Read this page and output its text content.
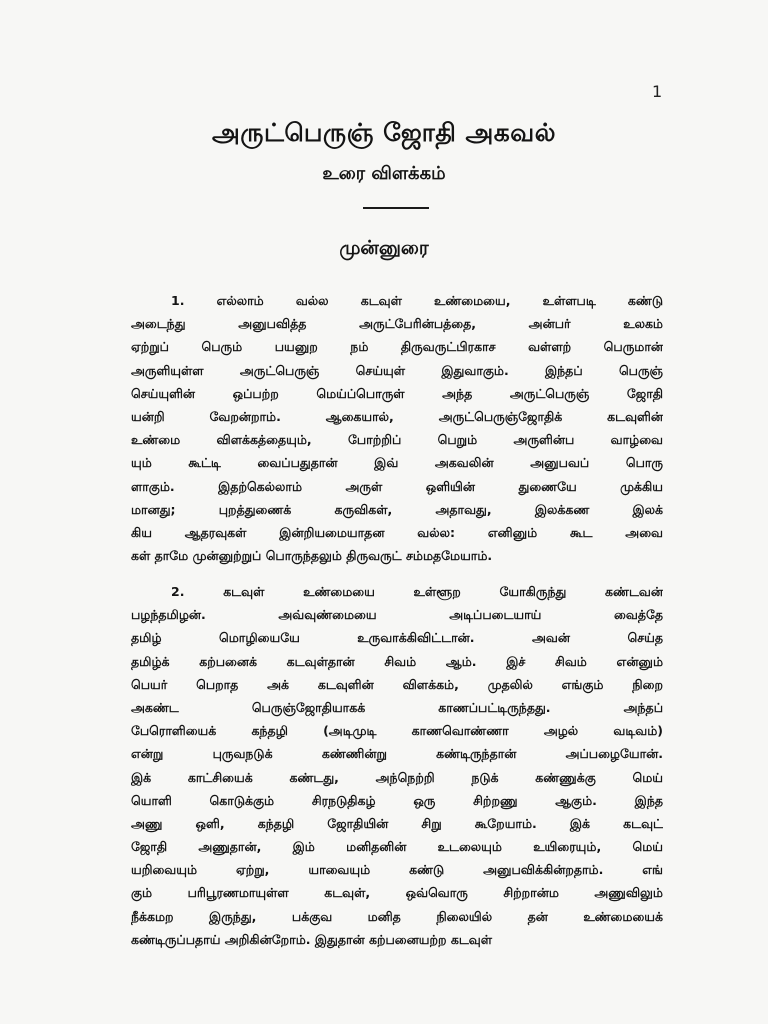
1
அருட்பெருஞ் ஜோதி அகவல்
உரை விளக்கம்
முன்னுரை

1. எல்லாம் வல்ல கடவுள் உண்மையை, உள்ளபடி கண்டு
அடைந்து அனுபவித்த அருட்பேரின்பத்தை, அன்பர் உலகம்
ஏற்றுப் பெரும் பயனுற நம் திருவருட்பிரகாச வள்ளற் பெருமான்
அருளியுள்ள அருட்பெருஞ் செய்யுள் இதுவாகும். இந்தப் பெருஞ்
செய்யுளின் ஒப்பற்ற மெய்ப்பொருள் அந்த அருட்பெருஞ் ஜோதி
யன்றி வேறன்றாம். ஆகையால், அருட்பெருஞ்ஜோதிக் கடவுளின்
உண்மை விளக்கத்தையும், போற்றிப் பெறும் அருளின்ப வாழ்வை
யும் கூட்டி வைப்பதுதான் இவ் அகவலின் அனுபவப் பொரு
ளாகும். இதற்கெல்லாம் அருள் ஒளியின் துணையே முக்கிய
மானது; புறத்துணைக் கருவிகள், அதாவது, இலக்கண இலக்
கிய ஆதரவுகள் இன்றியமையாதன வல்ல: எனினும் கூட அவை
கள் தாமே முன்னுற்றுப் பொருந்தலும் திருவருட் சம்மதமேயாம்.

2. கடவுள் உண்மையை உள்ளூற யோகிருந்து கண்டவன்
பழந்தமிழன். அவ்வுண்மையை அடிப்படையாய் வைத்தே
தமிழ் மொழியையே உருவாக்கிவிட்டான். அவன் செய்த
தமிழ்க் கற்பனைக் கடவுள்தான் சிவம் ஆம். இச் சிவம் என்னும்
பெயர் பெறாத அக் கடவுளின் விளக்கம், முதலில் எங்கும் நிறை
அகண்ட பெருஞ்ஜோதியாகக் காணப்பட்டிருந்தது. அந்தப்
பேரொளியைக் கந்தழி (அடிமுடி காணவொண்ணா அழல் வடிவம்)
என்று புருவநடுக் கண்ணின்று கண்டிருந்தான் அப்பழையோன்.
இக் காட்சியைக் கண்டது, அந்நெற்றி நடுக் கண்ணுக்கு மெய்
யொளி கொடுக்கும் சிரநடுதிகழ் ஒரு சிற்றணு ஆகும். இந்த
அணு ஒளி, கந்தழி ஜோதியின் சிறு கூறேயாம். இக் கடவுட்
ஜோதி அணுதான், இம் மனிதனின் உடலையும் உயிரையும், மெய்
யறிவையும் ஏற்று, யாவையும் கண்டு அனுபவிக்கின்றதாம். எங்
கும் பரிபூரணமாயுள்ள கடவுள், ஒவ்வொரு சிற்றான்ம அணுவிலும்
நீக்கமற இருந்து, பக்குவ மனித நிலையில் தன் உண்மையைக்
கண்டிருப்பதாய் அறிகின்றோம். இதுதான் கற்பனையற்ற கடவுள்
